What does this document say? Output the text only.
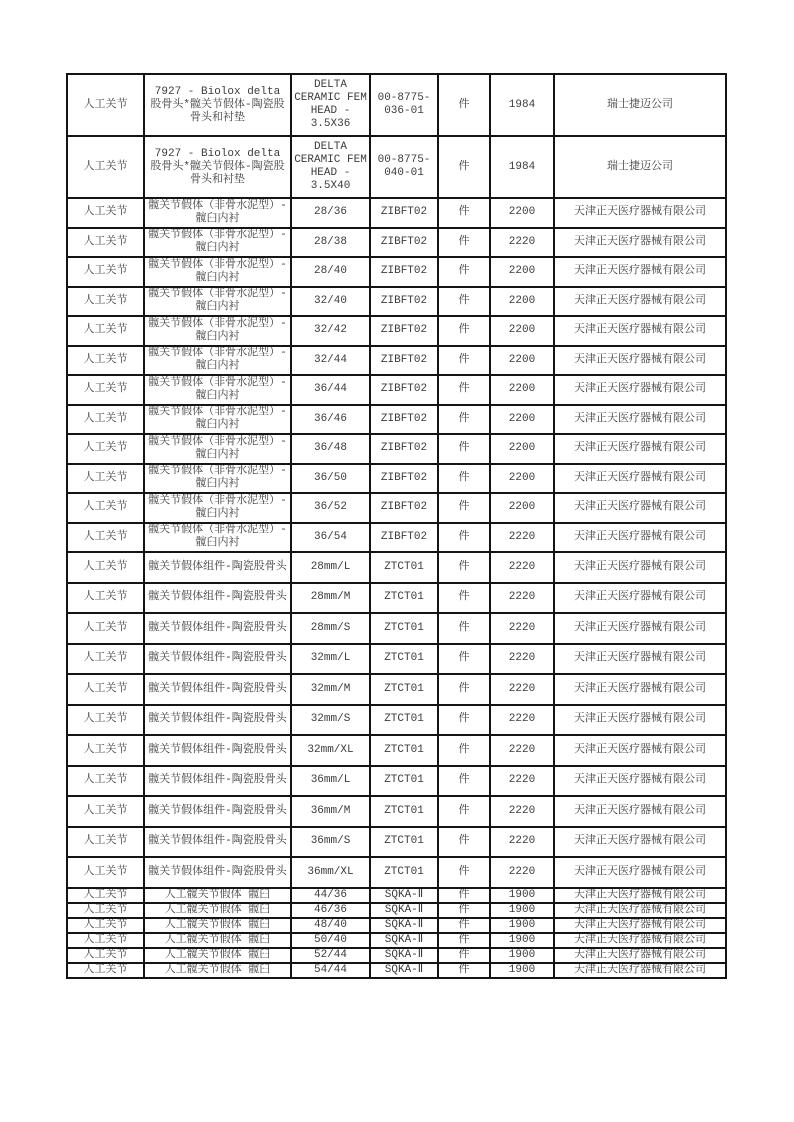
人工关节	7927 - Biolox delta 股骨头*髋关节假体-陶瓷股骨头和衬垫	DELTA CERAMIC FEM HEAD - 3.5X36	00-8775-036-01	件	1984	瑞士捷迈公司
人工关节	7927 - Biolox delta 股骨头*髋关节假体-陶瓷股骨头和衬垫	DELTA CERAMIC FEM HEAD - 3.5X40	00-8775-040-01	件	1984	瑞士捷迈公司
人工关节	髋关节假体（非骨水泥型）-髋臼内衬	28/36	ZIBFT02	件	2200	天津正天医疗器械有限公司
人工关节	髋关节假体（非骨水泥型）-髋臼内衬	28/38	ZIBFT02	件	2220	天津正天医疗器械有限公司
人工关节	髋关节假体（非骨水泥型）-髋臼内衬	28/40	ZIBFT02	件	2200	天津正天医疗器械有限公司
人工关节	髋关节假体（非骨水泥型）-髋臼内衬	32/40	ZIBFT02	件	2200	天津正天医疗器械有限公司
人工关节	髋关节假体（非骨水泥型）-髋臼内衬	32/42	ZIBFT02	件	2200	天津正天医疗器械有限公司
人工关节	髋关节假体（非骨水泥型）-髋臼内衬	32/44	ZIBFT02	件	2200	天津正天医疗器械有限公司
人工关节	髋关节假体（非骨水泥型）-髋臼内衬	36/44	ZIBFT02	件	2200	天津正天医疗器械有限公司
人工关节	髋关节假体（非骨水泥型）-髋臼内衬	36/46	ZIBFT02	件	2200	天津正天医疗器械有限公司
人工关节	髋关节假体（非骨水泥型）-髋臼内衬	36/48	ZIBFT02	件	2200	天津正天医疗器械有限公司
人工关节	髋关节假体（非骨水泥型）-髋臼内衬	36/50	ZIBFT02	件	2200	天津正天医疗器械有限公司
人工关节	髋关节假体（非骨水泥型）-髋臼内衬	36/52	ZIBFT02	件	2200	天津正天医疗器械有限公司
人工关节	髋关节假体（非骨水泥型）-髋臼内衬	36/54	ZIBFT02	件	2220	天津正天医疗器械有限公司
人工关节	髋关节假体组件-陶瓷股骨头	28mm/L	ZTCT01	件	2220	天津正天医疗器械有限公司
人工关节	髋关节假体组件-陶瓷股骨头	28mm/M	ZTCT01	件	2220	天津正天医疗器械有限公司
人工关节	髋关节假体组件-陶瓷股骨头	28mm/S	ZTCT01	件	2220	天津正天医疗器械有限公司
人工关节	髋关节假体组件-陶瓷股骨头	32mm/L	ZTCT01	件	2220	天津正天医疗器械有限公司
人工关节	髋关节假体组件-陶瓷股骨头	32mm/M	ZTCT01	件	2220	天津正天医疗器械有限公司
人工关节	髋关节假体组件-陶瓷股骨头	32mm/S	ZTCT01	件	2220	天津正天医疗器械有限公司
人工关节	髋关节假体组件-陶瓷股骨头	32mm/XL	ZTCT01	件	2220	天津正天医疗器械有限公司
人工关节	髋关节假体组件-陶瓷股骨头	36mm/L	ZTCT01	件	2220	天津正天医疗器械有限公司
人工关节	髋关节假体组件-陶瓷股骨头	36mm/M	ZTCT01	件	2220	天津正天医疗器械有限公司
人工关节	髋关节假体组件-陶瓷股骨头	36mm/S	ZTCT01	件	2220	天津正天医疗器械有限公司
人工关节	髋关节假体组件-陶瓷股骨头	36mm/XL	ZTCT01	件	2220	天津正天医疗器械有限公司
人工关节	人工髋关节假体 髋臼	44/36	SQKA-Ⅱ	件	1900	天津正天医疗器械有限公司
人工关节	人工髋关节假体 髋臼	46/36	SQKA-Ⅱ	件	1900	天津正天医疗器械有限公司
人工关节	人工髋关节假体 髋臼	48/40	SQKA-Ⅱ	件	1900	天津正天医疗器械有限公司
人工关节	人工髋关节假体 髋臼	50/40	SQKA-Ⅱ	件	1900	天津正天医疗器械有限公司
人工关节	人工髋关节假体 髋臼	52/44	SQKA-Ⅱ	件	1900	天津正天医疗器械有限公司
人工关节	人工髋关节假体 髋臼	54/44	SQKA-Ⅱ	件	1900	天津正天医疗器械有限公司
